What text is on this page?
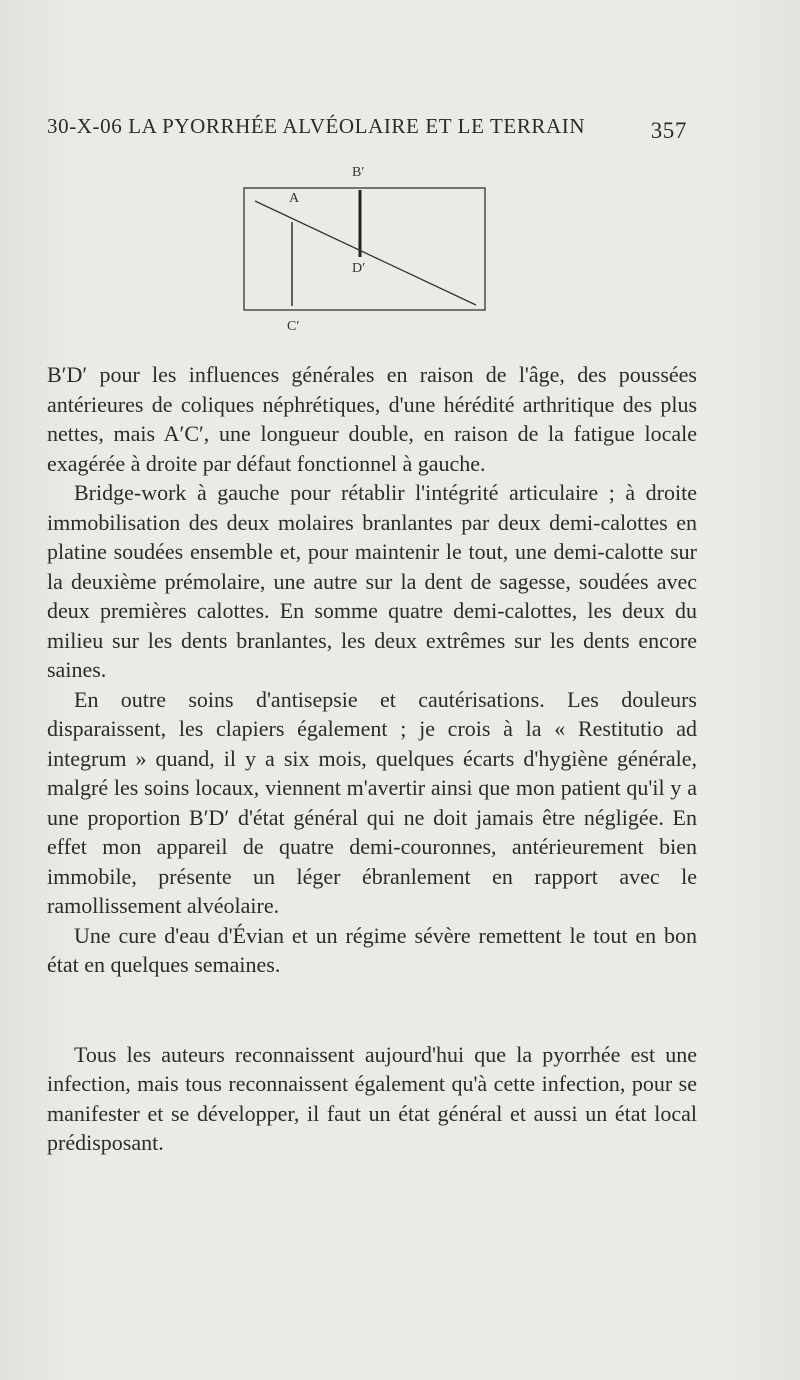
30-X-06 LA PYORRHÉE ALVÉOLAIRE ET LE TERRAIN	357
B′
A
D′
C′

B′D′ pour les influences générales en raison de l'âge, des poussées antérieures de coliques néphrétiques, d'une hérédité arthritique des plus nettes, mais A′C′, une longueur double, en raison de la fatigue locale exagérée à droite par défaut fonctionnel à gauche.

Bridge-work à gauche pour rétablir l'intégrité articulaire ; à droite immobilisation des deux molaires branlantes par deux demi-calottes en platine soudées ensemble et, pour maintenir le tout, une demi-calotte sur la deuxième prémolaire, une autre sur la dent de sagesse, soudées avec deux premières calottes. En somme quatre demi-calottes, les deux du milieu sur les dents branlantes, les deux extrêmes sur les dents encore saines.

En outre soins d'antisepsie et cautérisations. Les douleurs disparaissent, les clapiers également ; je crois à la « Restitutio ad integrum » quand, il y a six mois, quelques écarts d'hygiène générale, malgré les soins locaux, viennent m'avertir ainsi que mon patient qu'il y a une proportion B′D′ d'état général qui ne doit jamais être négligée. En effet mon appareil de quatre demi-couronnes, antérieurement bien immobile, présente un léger ébranlement en rapport avec le ramollissement alvéolaire.

Une cure d'eau d'Évian et un régime sévère remettent le tout en bon état en quelques semaines.

Tous les auteurs reconnaissent aujourd'hui que la pyorrhée est une infection, mais tous reconnaissent également qu'à cette infection, pour se manifester et se développer, il faut un état général et aussi un état local prédisposant.
